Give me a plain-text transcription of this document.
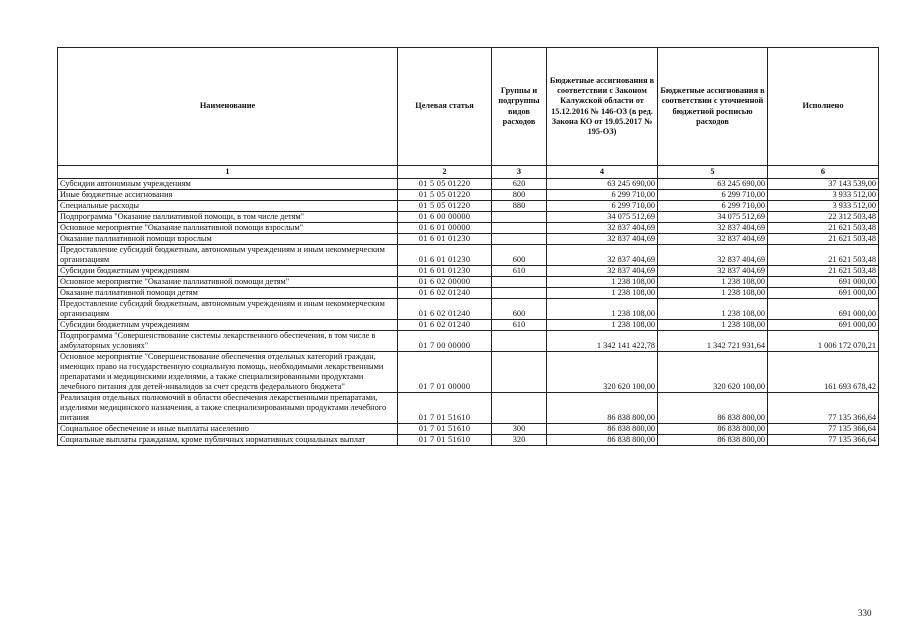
Наименование	Целевая статья	Группы и подгруппы видов расходов	Бюджетные ассигнования в соответствии с Законом Калужской области от 15.12.2016 № 146-ОЗ (в ред. Закона КО от 19.05.2017 № 195-ОЗ)	Бюджетные ассигнования в соответствии с уточненной бюджетной росписью расходов	Исполнено
1	2	3	4	5	6
Субсидии автономным учреждениям	01 5 05 01220	620	63 245 690,00	63 245 690,00	37 143 539,00
Иные бюджетные ассигнования	01 5 05 01220	800	6 299 710,00	6 299 710,00	3 933 512,00
Специальные расходы	01 5 05 01220	880	6 299 710,00	6 299 710,00	3 933 512,00
Подпрограмма "Оказание паллиативной помощи, в том числе детям"	01 6 00 00000		34 075 512,69	34 075 512,69	22 312 503,48
Основное мероприятие "Оказание паллиативной помощи взрослым"	01 6 01 00000		32 837 404,69	32 837 404,69	21 621 503,48
Оказание паллиативной помощи взрослым	01 6 01 01230		32 837 404,69	32 837 404,69	21 621 503,48
Предоставление субсидий бюджетным, автономным учреждениям и иным некоммерческим организациям	01 6 01 01230	600	32 837 404,69	32 837 404,69	21 621 503,48
Субсидии бюджетным учреждениям	01 6 01 01230	610	32 837 404,69	32 837 404,69	21 621 503,48
Основное мероприятие "Оказание паллиативной помощи детям"	01 6 02 00000		1 238 108,00	1 238 108,00	691 000,00
Оказание паллиативной помощи детям	01 6 02 01240		1 238 108,00	1 238 108,00	691 000,00
Предоставление субсидий бюджетным, автономным учреждениям и иным некоммерческим организациям	01 6 02 01240	600	1 238 108,00	1 238 108,00	691 000,00
Субсидии бюджетным учреждениям	01 6 02 01240	610	1 238 108,00	1 238 108,00	691 000,00
Подпрограмма "Совершенствование системы лекарственного обеспечения, в том числе в амбулаторных условиях"	01 7 00 00000		1 342 141 422,78	1 342 721 931,64	1 006 172 070,21
Основное мероприятие "Совершенствование обеспечения отдельных категорий граждан, имеющих право на государственную социальную помощь, необходимыми лекарственными препаратами и медицинскими изделиями, а также специализированными продуктами лечебного питания для детей-инвалидов за счет средств федерального бюджета"	01 7 01 00000		320 620 100,00	320 620 100,00	161 693 678,42
Реализация отдельных полномочий в области обеспечения лекарственными препаратами, изделиями медицинского назначения, а также специализированными продуктами лечебного питания	01 7 01 51610		86 838 800,00	86 838 800,00	77 135 366,64
Социальное обеспечение и иные выплаты населению	01 7 01 51610	300	86 838 800,00	86 838 800,00	77 135 366,64
Социальные выплаты гражданам, кроме публичных нормативных социальных выплат	01 7 01 51610	320	86 838 800,00	86 838 800,00	77 135 366,64
330
